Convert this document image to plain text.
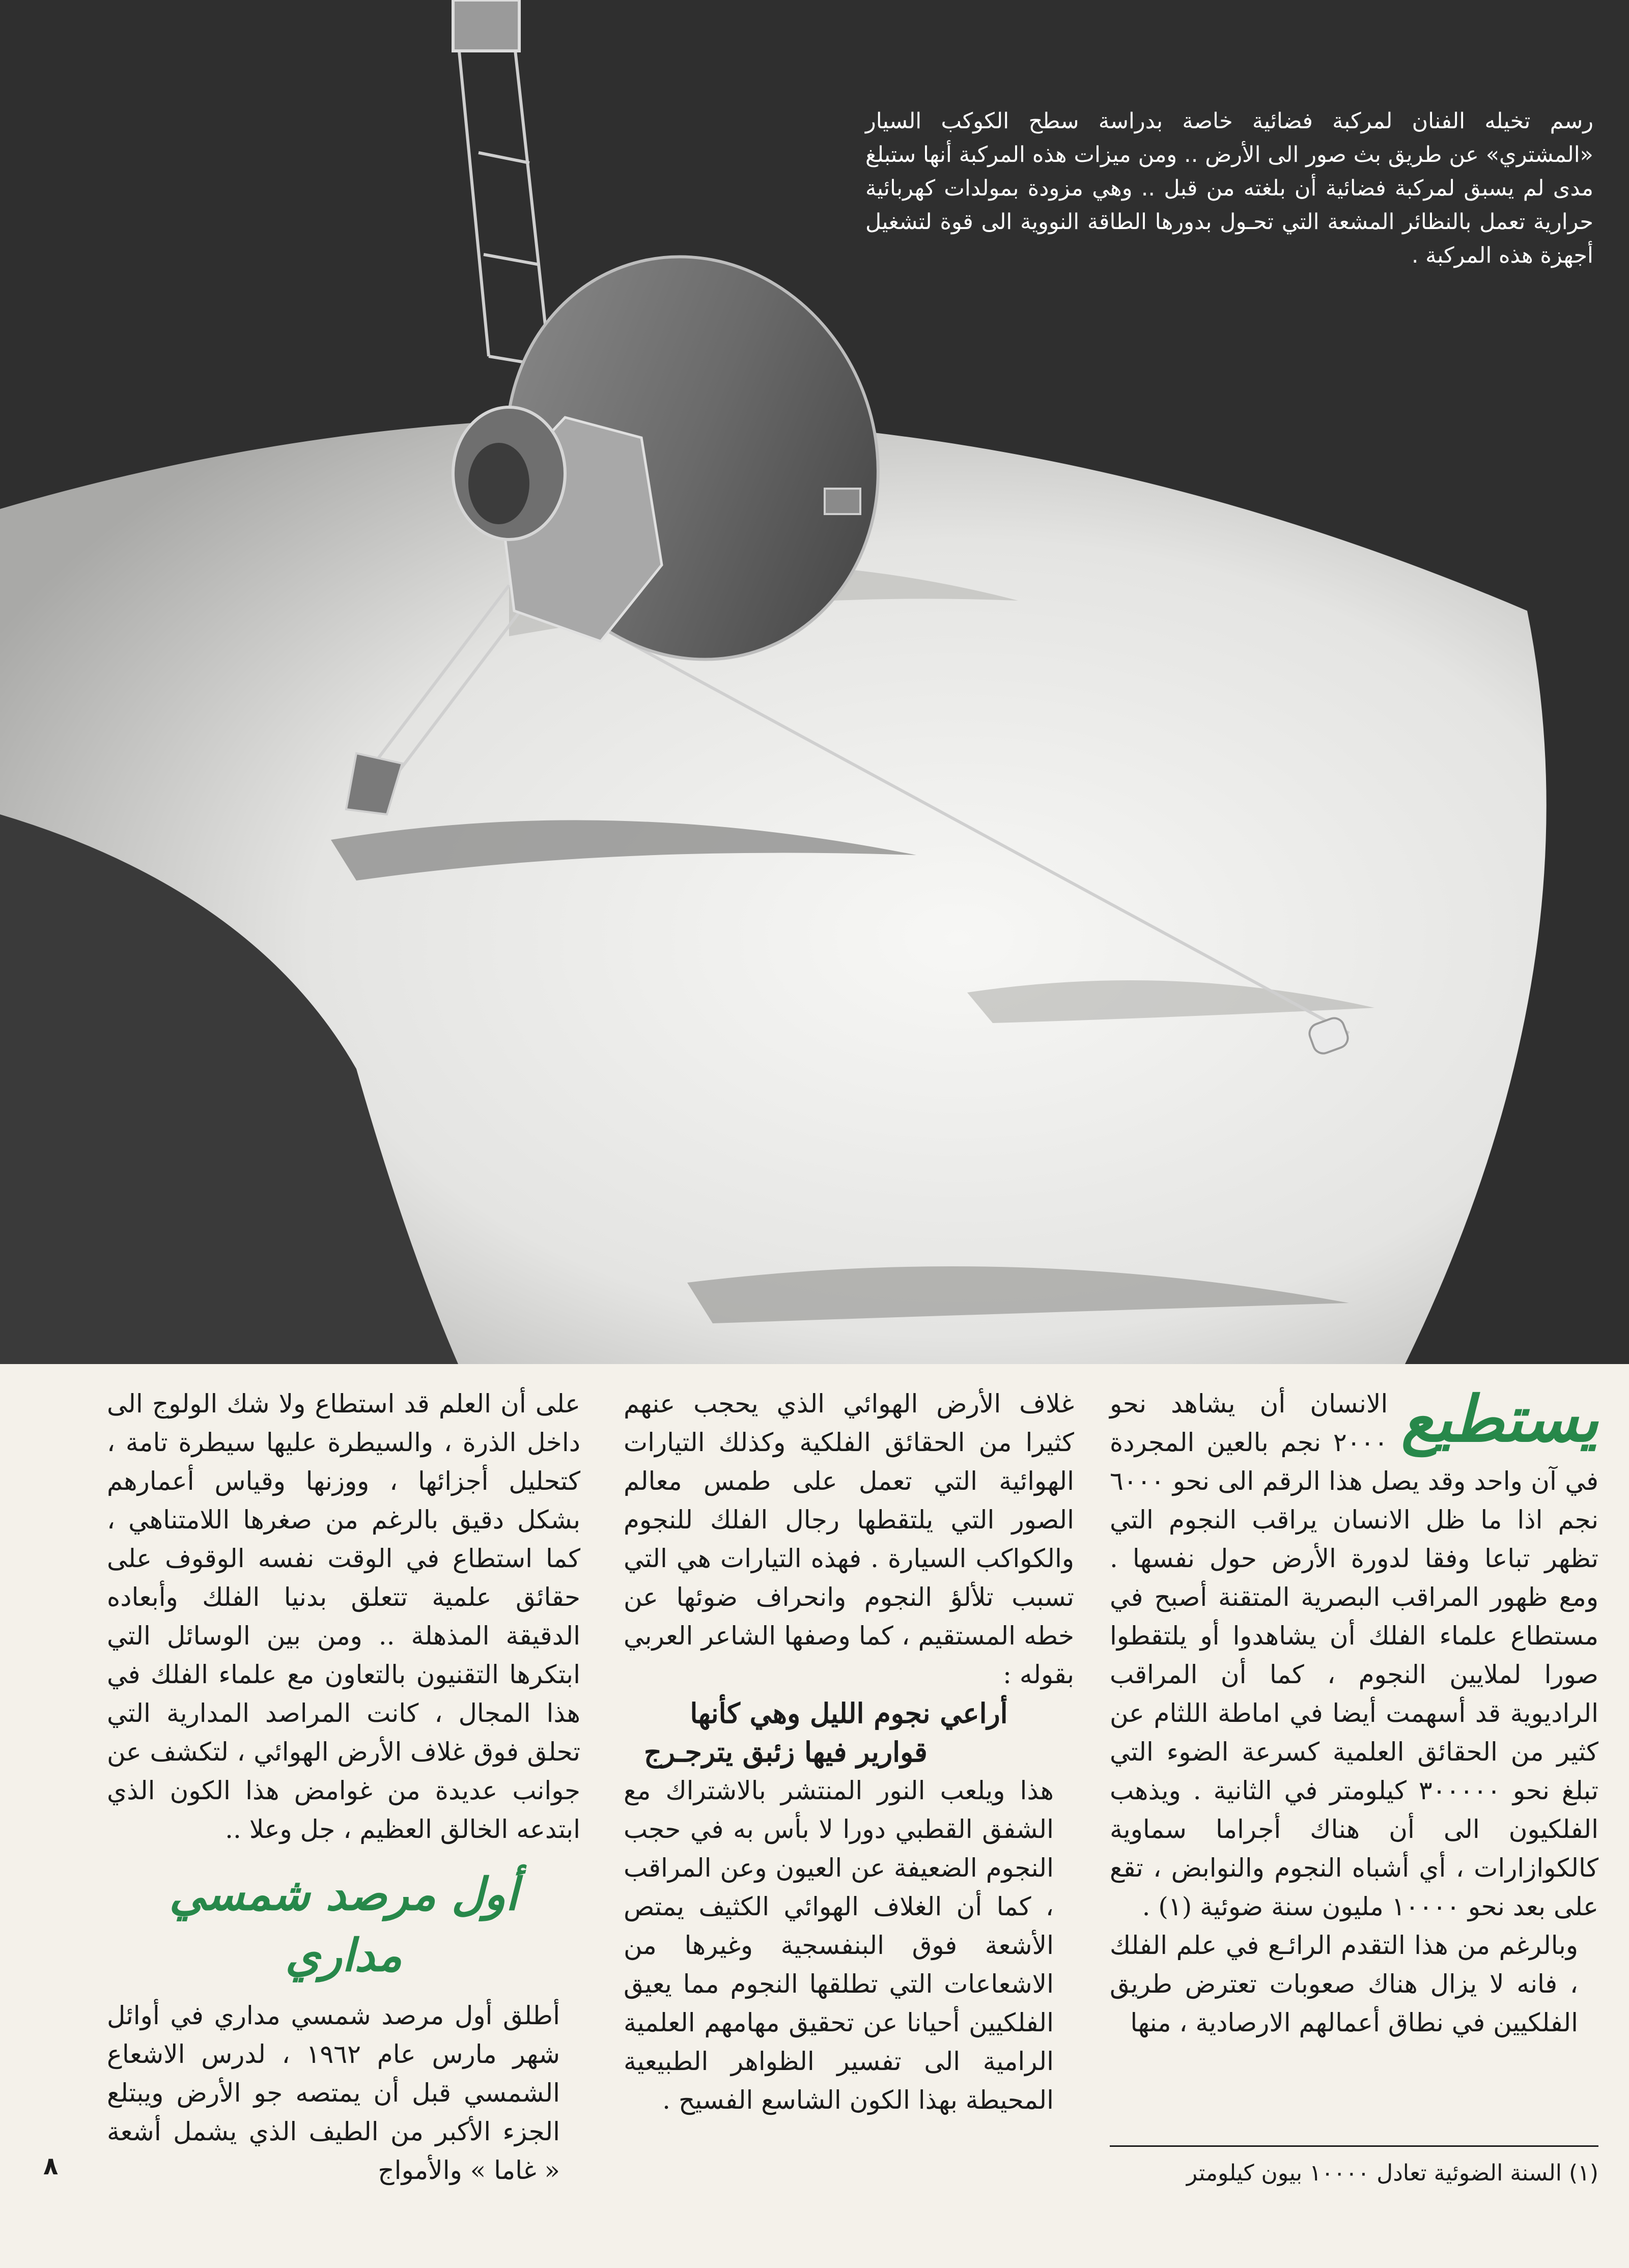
رسم تخيله الفنان لمركبة فضائية خاصة بدراسة سطح الكوكب السيار «المشتري» عن طريق بث صور الى الأرض .. ومن ميزات هذه المركبة أنها ستبلغ مدى لم يسبق لمركبة فضائية أن بلغته من قبل .. وهي مزودة بمولدات كهربائية حرارية تعمل بالنظائر المشعة التي تحـول بدورها الطاقة النووية الى قوة لتشغيل أجهزة هذه المركبة .
يستطيع

الانسان أن يشاهد نحو ٢٠٠٠ نجم بالعين المجردة في آن واحد وقد يصل هذا الرقم الى نحو ٦٠٠٠ نجم اذا ما ظل الانسان يراقب النجوم التي تظهر تباعا وفقا لدورة الأرض حول نفسها . ومع ظهور المراقب البصرية المتقنة أصبح في مستطاع علماء الفلك أن يشاهدوا أو يلتقطوا صورا لملايين النجوم ، كما أن المراقب الراديوية قد أسهمت أيضا في اماطة اللثام عن كثير من الحقائق العلمية كسرعة الضوء التي تبلغ نحو ٣٠٠٠٠٠ كيلومتر في الثانية . ويذهب الفلكيون الى أن هناك أجراما سماوية كالكوازارات ، أي أشباه النجوم والنوابض ، تقع على بعد نحو ١٠٠٠٠ مليون سنة ضوئية (١) .

وبالرغم من هذا التقدم الرائـع في علم الفلك ، فانه لا يزال هناك صعوبات تعترض طريق الفلكيين في نطاق أعمالهم الارصادية ، منها

غلاف الأرض الهوائي الذي يحجب عنهم كثيرا من الحقائق الفلكية وكذلك التيارات الهوائية التي تعمل على طمس معالم الصور التي يلتقطها رجال الفلك للنجوم والكواكب السيارة . فهذه التيارات هي التي تسبب تلألؤ النجوم وانحراف ضوئها عن خطه المستقيم ، كما وصفها الشاعر العربي بقوله :

أراعي نجوم الليل وهي كأنها

قوارير فيها زئبق يترجـرج

هذا ويلعب النور المنتشر بالاشتراك مع الشفق القطبي دورا لا بأس به في حجب النجوم الضعيفة عن العيون وعن المراقب ، كما أن الغلاف الهوائي الكثيف يمتص الأشعة فوق البنفسجية وغيرها من الاشعاعات التي تطلقها النجوم مما يعيق الفلكيين أحيانا عن تحقيق مهامهم العلمية الرامية الى تفسير الظواهر الطبيعية المحيطة بهذا الكون الشاسع الفسيح .

على أن العلم قد استطاع ولا شك الولوج الى داخل الذرة ، والسيطرة عليها سيطرة تامة ، كتحليل أجزائها ، ووزنها وقياس أعمارهم بشكل دقيق بالرغم من صغرها اللامتناهي ، كما استطاع في الوقت نفسه الوقوف على حقائق علمية تتعلق بدنيا الفلك وأبعاده الدقيقة المذهلة .. ومن بين الوسائل التي ابتكرها التقنيون بالتعاون مع علماء الفلك في هذا المجال ، كانت المراصد المدارية التي تحلق فوق غلاف الأرض الهوائي ، لتكشف عن جوانب عديدة من غوامض هذا الكون الذي ابتدعه الخالق العظيم ، جل وعلا ..

أول مرصد شمسي مداري

أطلق أول مرصد شمسي مداري في أوائل شهر مارس عام ١٩٦٢ ، لدرس الاشعاع الشمسي قبل أن يمتصه جو الأرض ويبتلع الجزء الأكبر من الطيف الذي يشمل أشعة « غاما » والأمواج	(١) السنة الضوئية تعادل ١٠٠٠٠ بيون كيلومتر
٨
